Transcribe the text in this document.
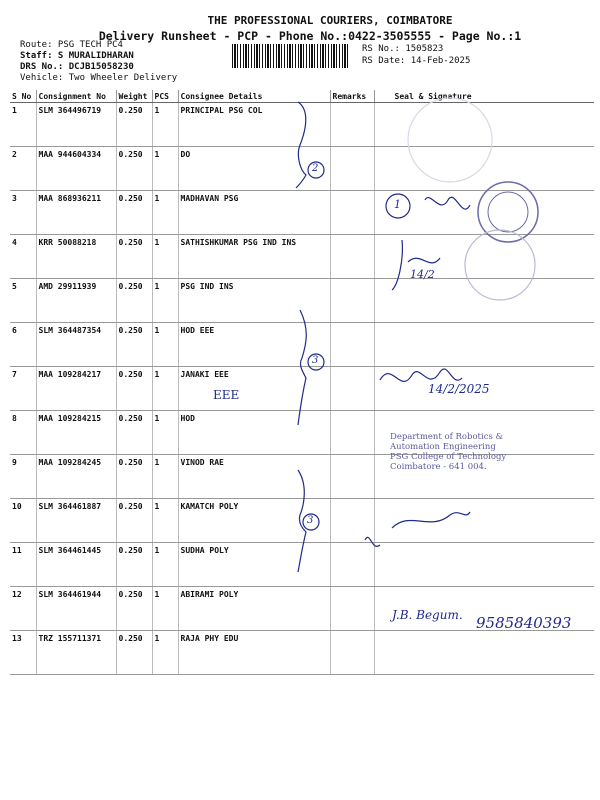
THE PROFESSIONAL COURIERS, COIMBATORE
Delivery Runsheet - PCP - Phone No.:0422-3505555 - Page No.:1
Route: PSG TECH PC4
Staff: S MURALIDHARAN
DRS No.: DCJB15058230
Vehicle: Two Wheeler Delivery
RS No.: 1505823
RS Date: 14-Feb-2025
S No	Consignment No	Weight	PCS	Consignee Details	Remarks	Seal & Signature
1	SLM 364496719	0.250	1	PRINCIPAL PSG COL		
2	MAA 944604334	0.250	1	DO		
3	MAA 868936211	0.250	1	MADHAVAN PSG		
4	KRR 50088218	0.250	1	SATHISHKUMAR PSG IND INS		
5	AMD 29911939	0.250	1	PSG IND INS		
6	SLM 364487354	0.250	1	HOD EEE		
7	MAA 109284217	0.250	1	JANAKI EEE		
8	MAA 109284215	0.250	1	HOD		
9	MAA 109284245	0.250	1	VINOD RAE		
10	SLM 364461887	0.250	1	KAMATCH POLY		
11	SLM 364461445	0.250	1	SUDHA POLY		
12	SLM 364461944	0.250	1	ABIRAMI POLY		
13	TRZ 155711371	0.250	1	RAJA PHY EDU		
EEE
2
3
3
1
14/2
14/2/2025
J.B. Begum. 9585840393
Department of Robotics &
Automation Engineering
PSG College of Technology
Coimbatore - 641 004.
